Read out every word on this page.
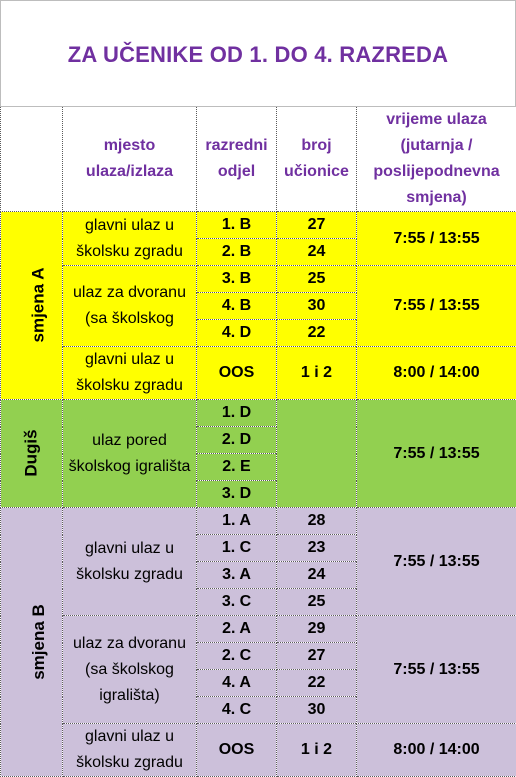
ZA UČENIKE OD 1. DO 4. RAZREDA
	mjesto ulaza/izlaza	razredni odjel	broj učionice	vrijeme ulaza (jutarnja / poslijepodnevna smjena)
smjena A	glavni ulaz u školsku zgradu	1. B	27	7:55 / 13:55
		2. B	24	
	ulaz za dvoranu (sa školskog	3. B	25	7:55 / 13:55
		4. B	30	
		4. D	22	
	glavni ulaz u školsku zgradu	OOS	1 i 2	8:00 / 14:00
Dugiš	ulaz pored školskog igrališta	1. D		7:55 / 13:55
		2. D		
		2. E		
		3. D		
smjena B	glavni ulaz u školsku zgradu	1. A	28	7:55 / 13:55
		1. C	23	
		3. A	24	
		3. C	25	
	ulaz za dvoranu (sa školskog igrališta)	2. A	29	7:55 / 13:55
		2. C	27	
		4. A	22	
		4. C	30	
	glavni ulaz u školsku zgradu	OOS	1 i 2	8:00 / 14:00
